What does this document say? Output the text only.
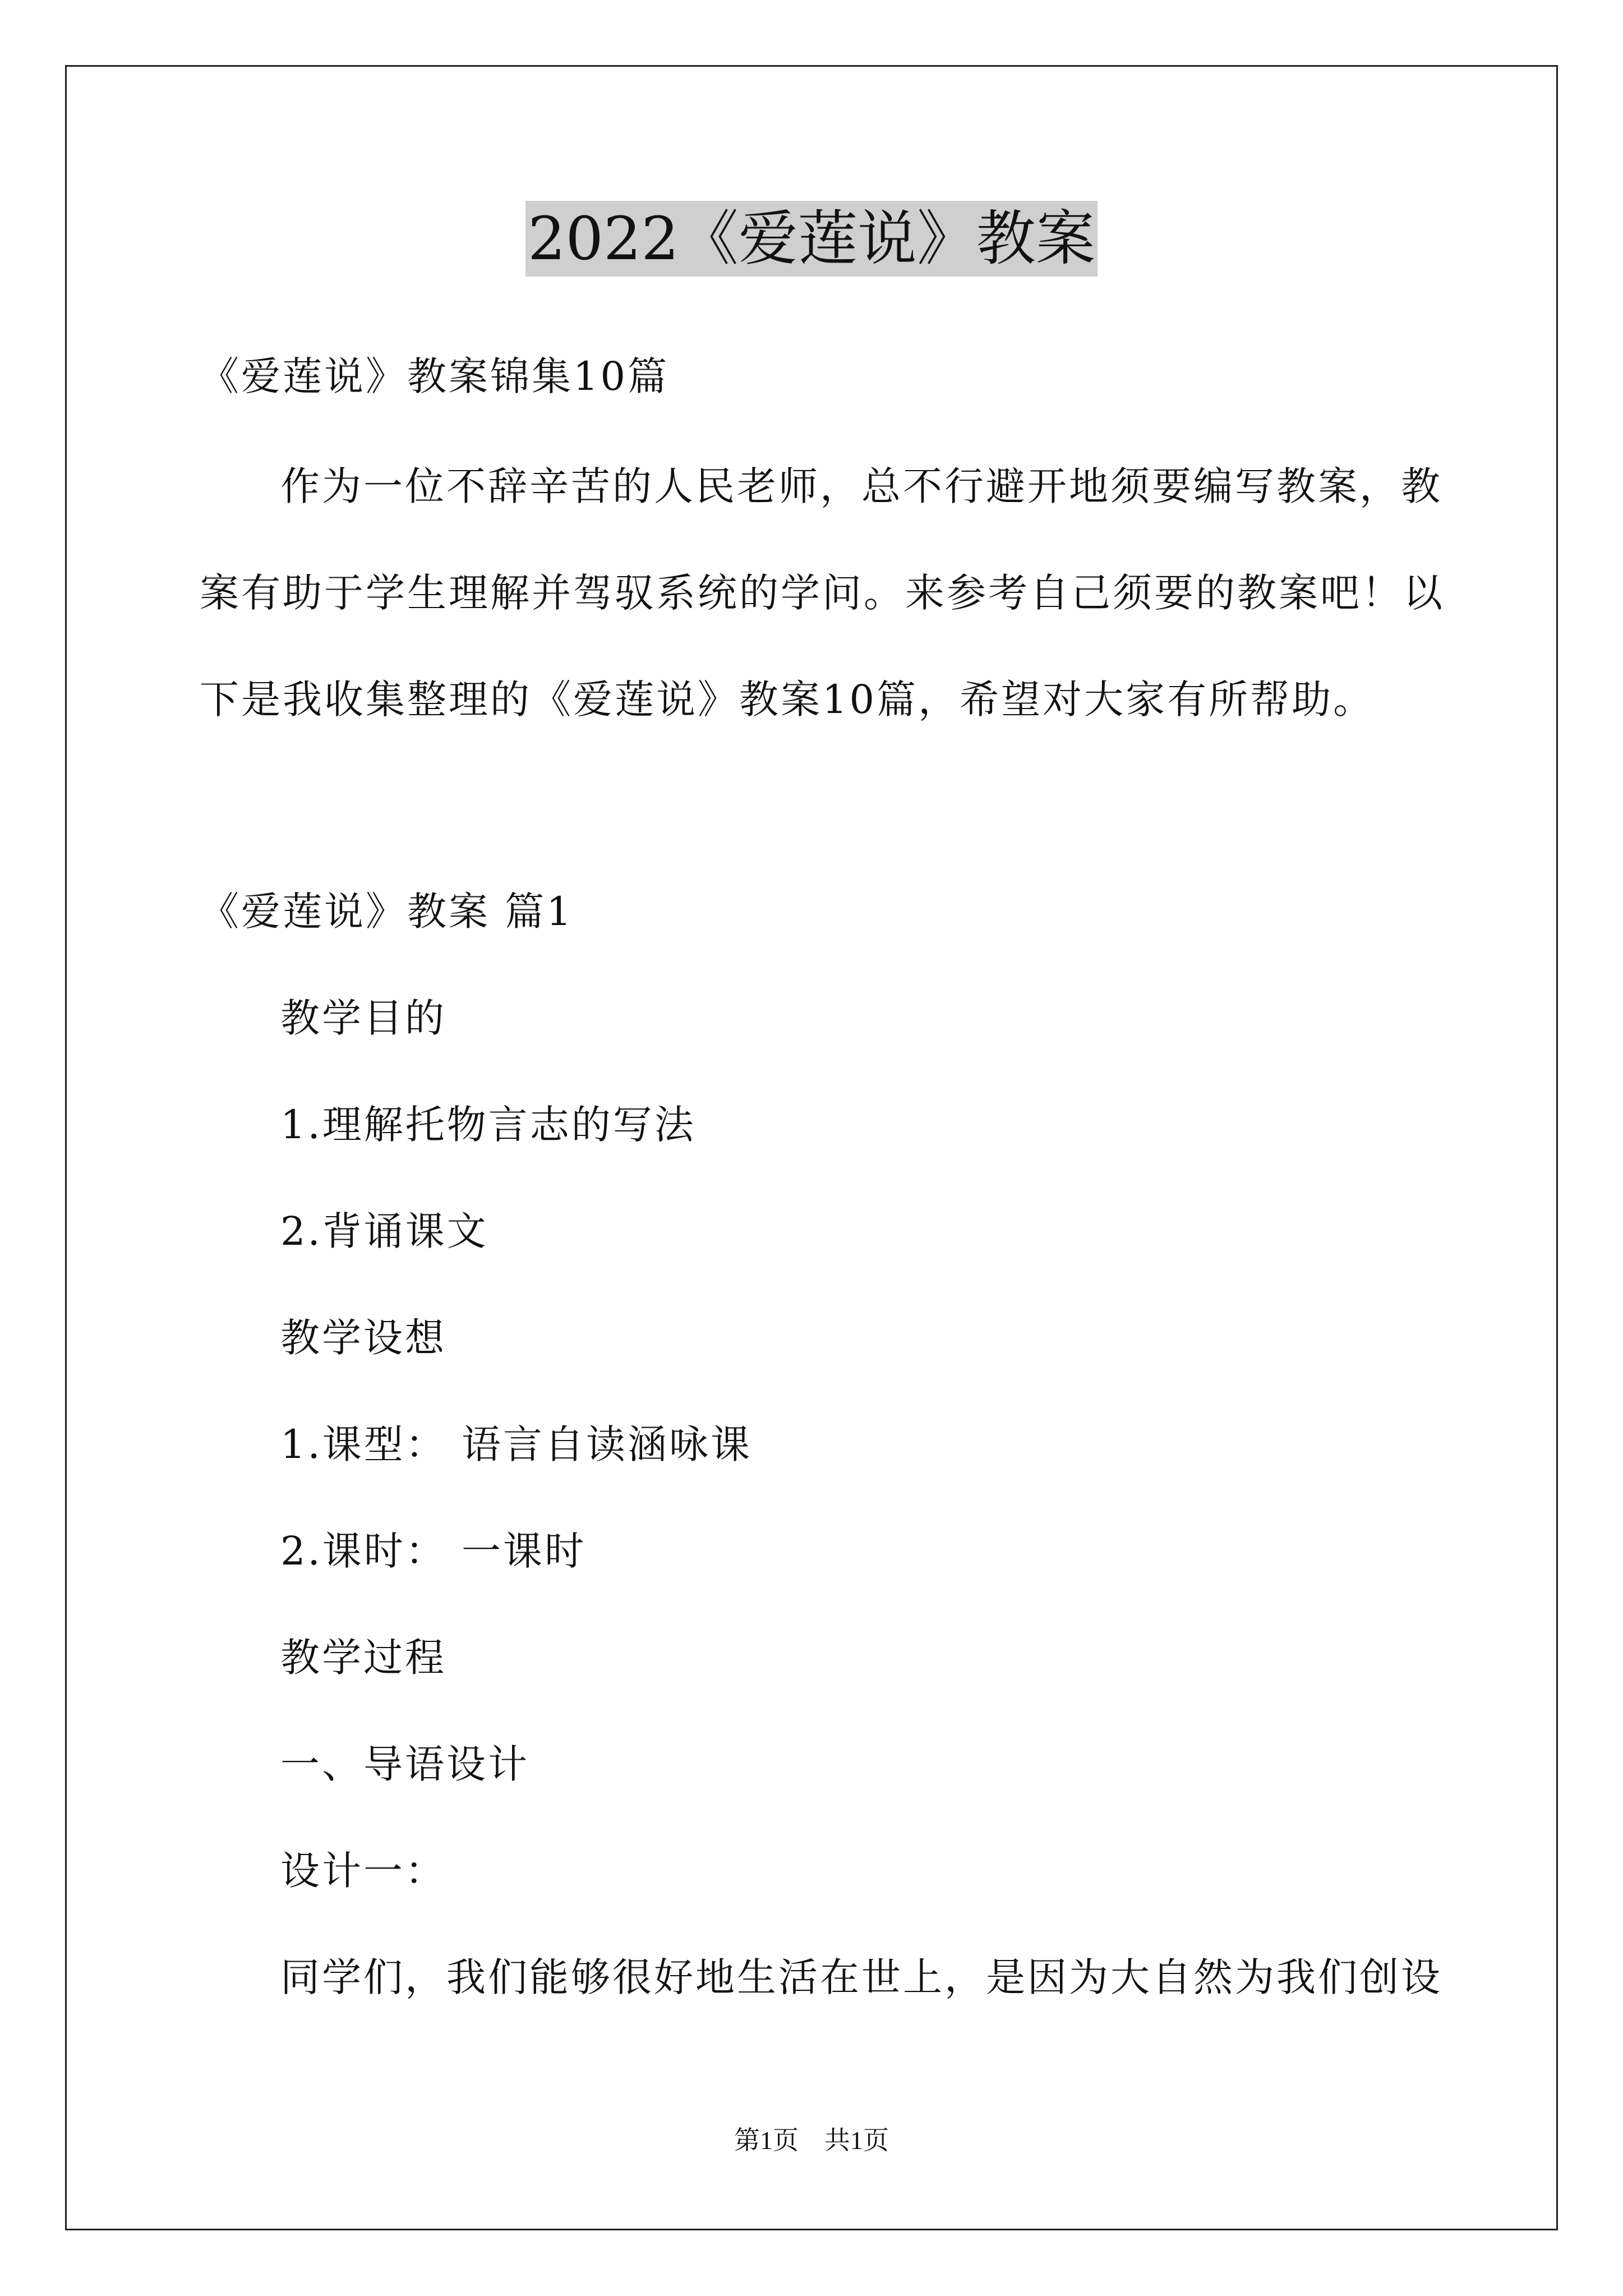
2022《爱莲说》教案
《爱莲说》教案锦集10篇
作为一位不辞辛苦的人民老师，总不行避开地须要编写教案，教
案有助于学生理解并驾驭系统的学问。来参考自己须要的教案吧！以
下是我收集整理的《爱莲说》教案10篇，希望对大家有所帮助。
《爱莲说》教案 篇1
教学目的
1.理解托物言志的写法
2.背诵课文
教学设想
1.课型： 语言自读涵咏课
2.课时： 一课时
教学过程
一、导语设计
设计一：
同学们，我们能够很好地生活在世上，是因为大自然为我们创设
第1页　共1页
